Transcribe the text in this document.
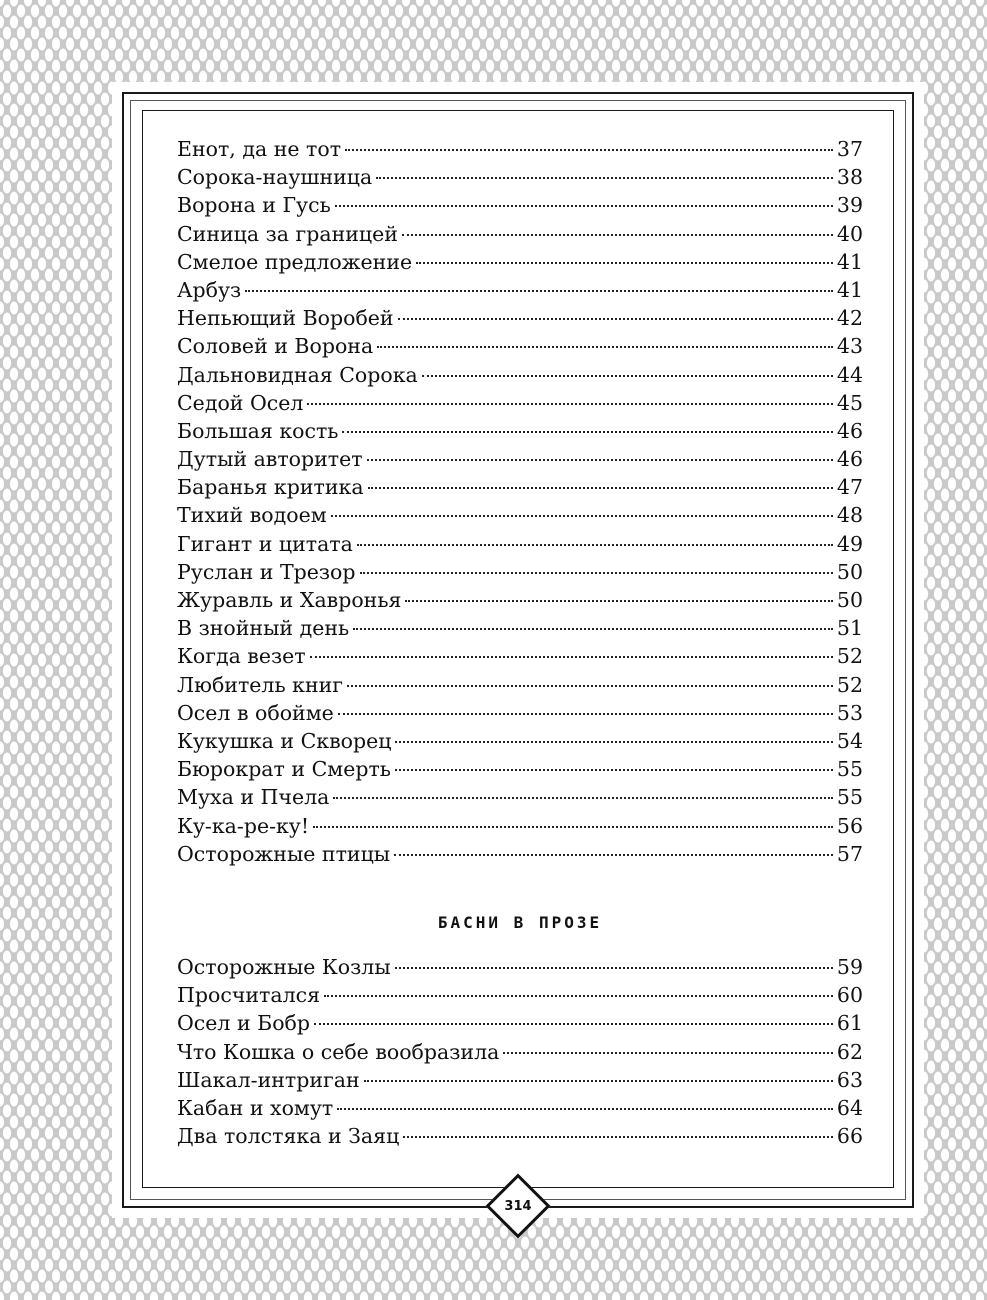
Енот, да не тот	37
Сорока-наушница	38
Ворона и Гусь	39
Синица за границей	40
Смелое предложение	41
Арбуз	41
Непьющий Воробей	42
Соловей и Ворона	43
Дальновидная Сорока	44
Седой Осел	45
Большая кость	46
Дутый авторитет	46
Баранья критика	47
Тихий водоем	48
Гигант и цитата	49
Руслан и Трезор	50
Журавль и Хавронья	50
В знойный день	51
Когда везет	52
Любитель книг	52
Осел в обойме	53
Кукушка и Скворец	54
Бюрократ и Смерть	55
Муха и Пчела	55
Ку-ка-ре-ку!	56
Осторожные птицы	57
БАСНИ В ПРОЗЕ
Осторожные Козлы	59
Просчитался	60
Осел и Бобр	61
Что Кошка о себе вообразила	62
Шакал-интриган	63
Кабан и хомут	64
Два толстяка и Заяц	66
314
